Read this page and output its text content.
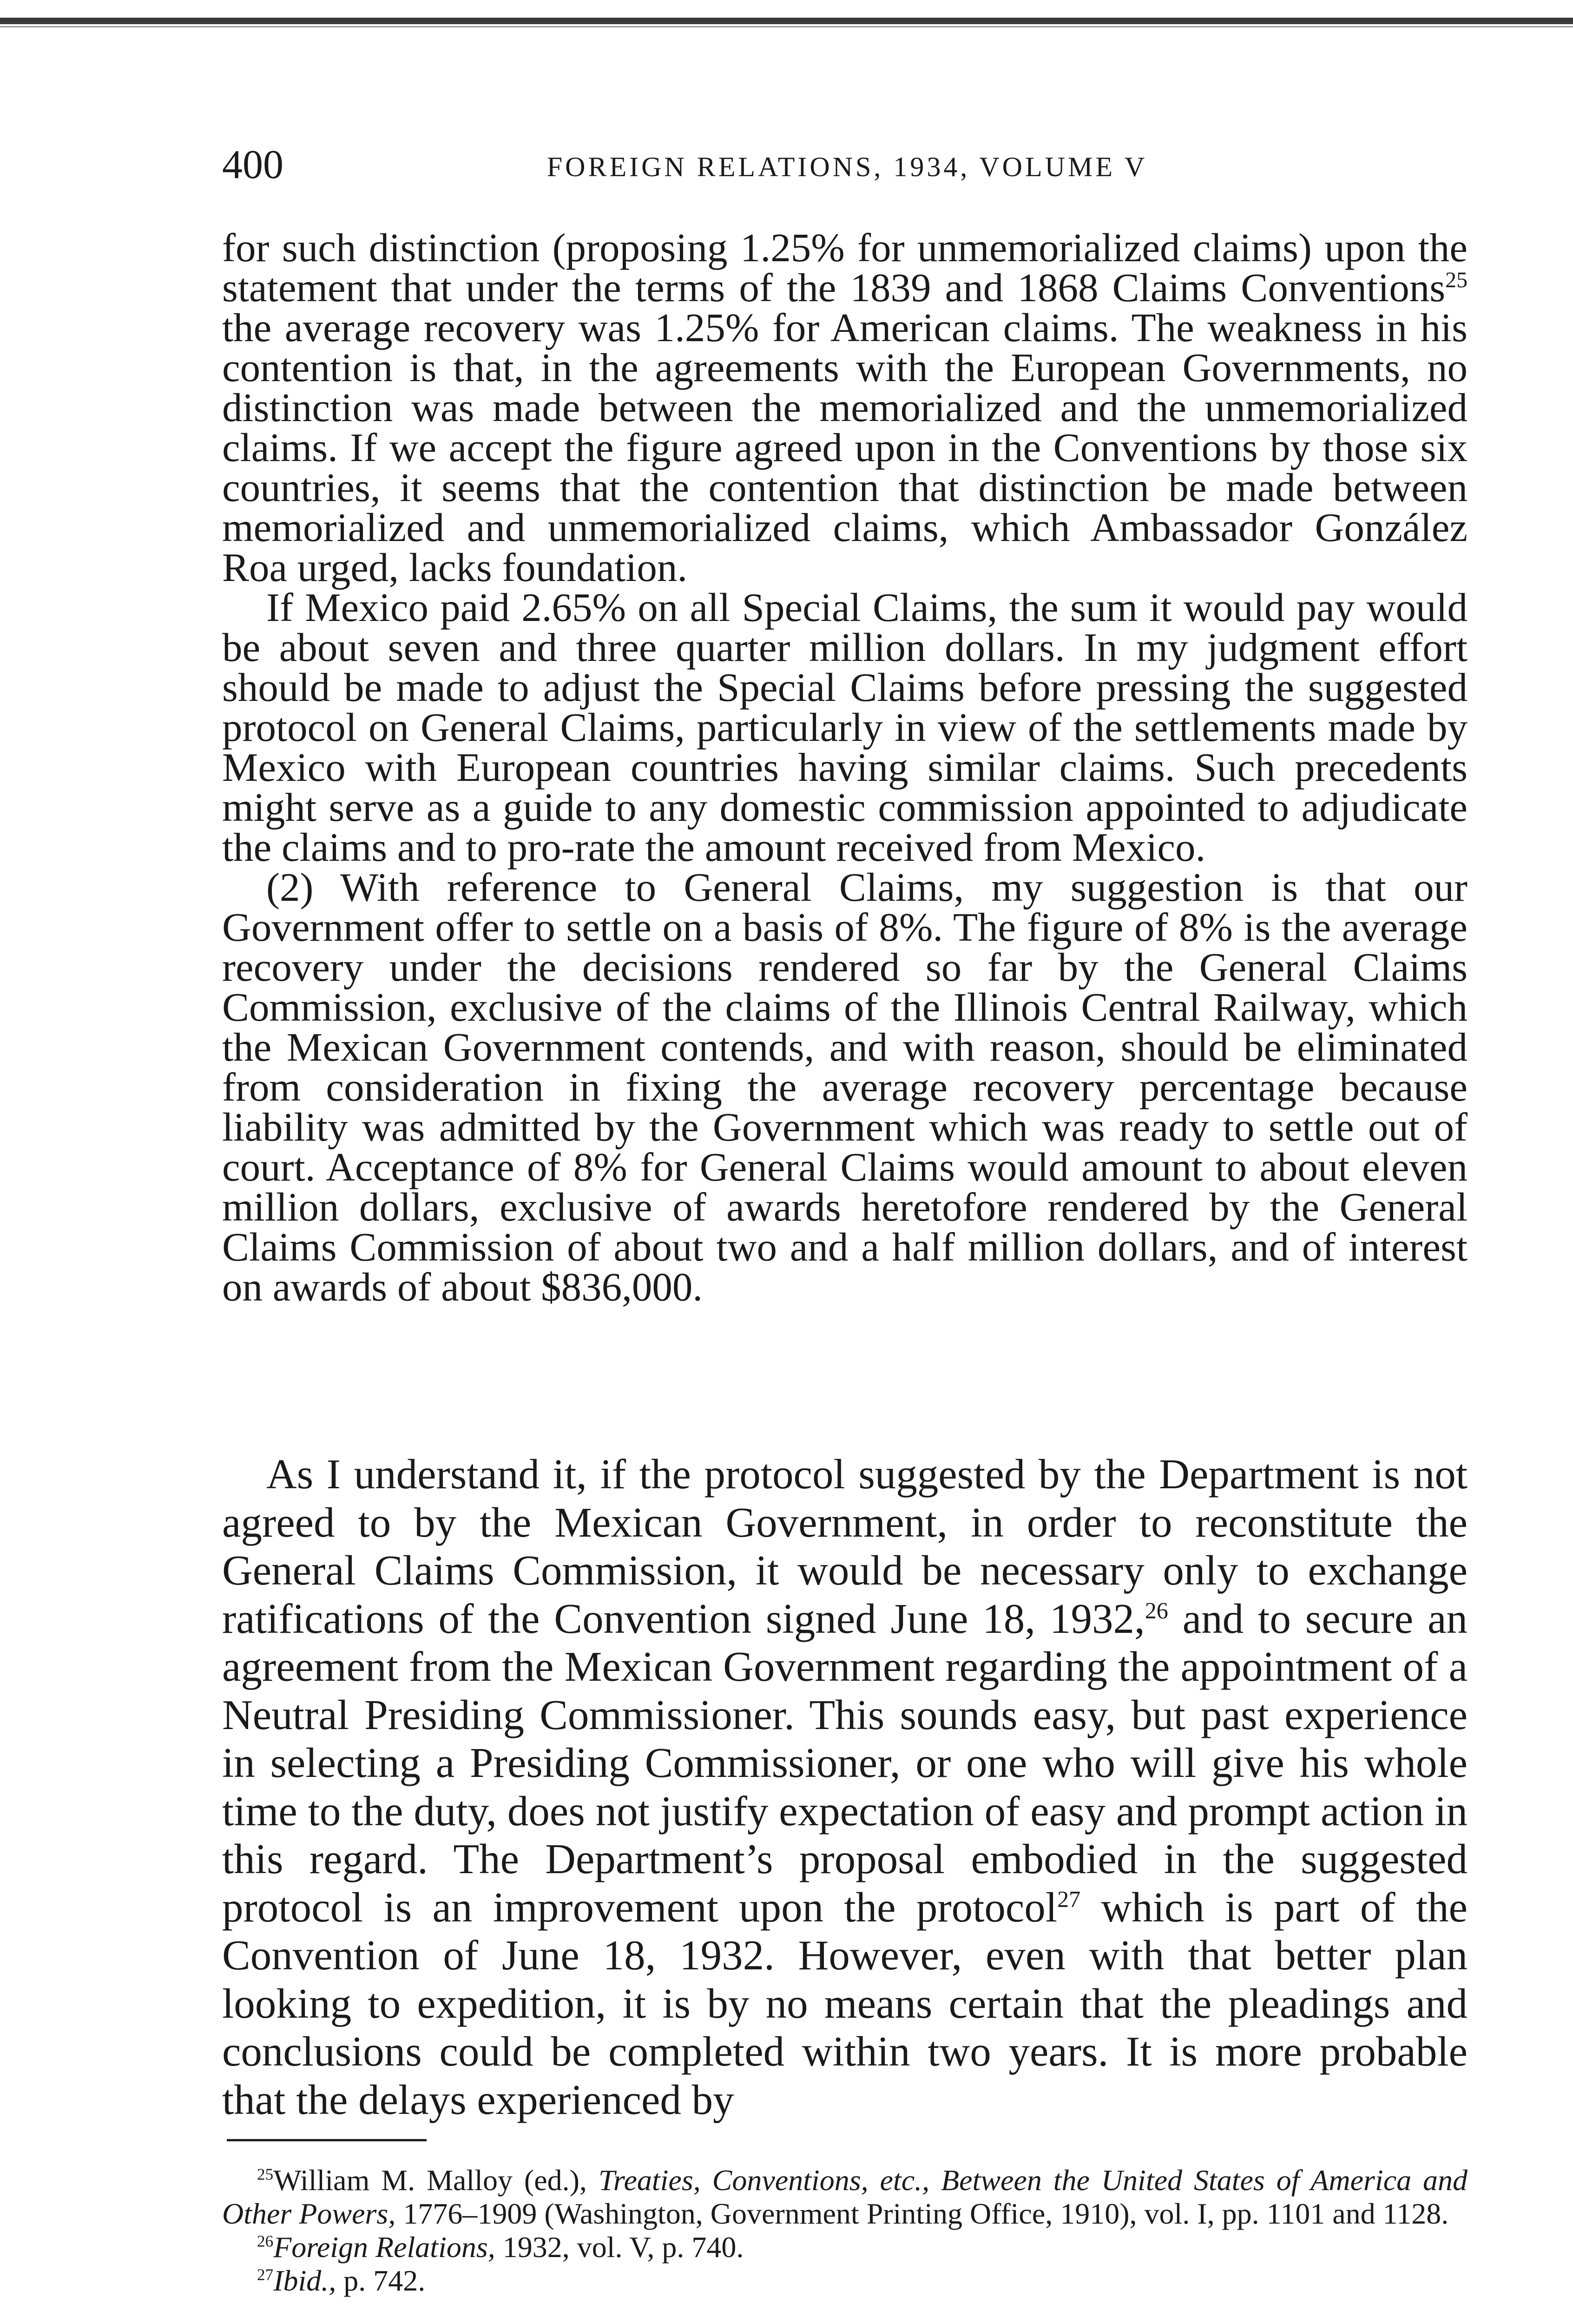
400	FOREIGN RELATIONS, 1934, VOLUME V

for such distinction (proposing 1.25% for unmemorialized claims) upon the statement that under the terms of the 1839 and 1868 Claims Conventions$^{25}$ the average recovery was 1.25% for American claims. The weakness in his contention is that, in the agreements with the European Governments, no distinction was made between the memorialized and the unmemorialized claims. If we accept the figure agreed upon in the Conventions by those six countries, it seems that the contention that distinction be made between memorialized and unmemorialized claims, which Ambassador González Roa urged, lacks foundation.

If Mexico paid 2.65% on all Special Claims, the sum it would pay would be about seven and three quarter million dollars. In my judgment effort should be made to adjust the Special Claims before pressing the suggested protocol on General Claims, particularly in view of the settlements made by Mexico with European countries having similar claims. Such precedents might serve as a guide to any domestic commission appointed to adjudicate the claims and to pro-rate the amount received from Mexico.

(2) With reference to General Claims, my suggestion is that our Government offer to settle on a basis of 8%. The figure of 8% is the average recovery under the decisions rendered so far by the General Claims Commission, exclusive of the claims of the Illinois Central Railway, which the Mexican Government contends, and with reason, should be eliminated from consideration in fixing the average recovery percentage because liability was admitted by the Government which was ready to settle out of court. Acceptance of 8% for General Claims would amount to about eleven million dollars, exclusive of awards heretofore rendered by the General Claims Commission of about two and a half million dollars, and of interest on awards of about $836,000.

As I understand it, if the protocol suggested by the Department is not agreed to by the Mexican Government, in order to reconstitute the General Claims Commission, it would be necessary only to exchange ratifications of the Convention signed June 18, 1932,26 and to secure an agreement from the Mexican Government regarding the appointment of a Neutral Presiding Commissioner. This sounds easy, but past experience in selecting a Presiding Commissioner, or one who will give his whole time to the duty, does not justify expectation of easy and prompt action in this regard. The Department’s proposal embodied in the suggested protocol is an improvement upon the protocol$^{27}$ which is part of the Convention of June 18, 1932. However, even with that better plan looking to expedition, it is by no means certain that the pleadings and conclusions could be completed within two years. It is more probable that the delays experienced by

$^{25}$William M. Malloy (ed.), Treaties, Conventions, etc., Between the United States of America and Other Powers, 1776–1909 (Washington, Government Printing Office, 1910), vol. I, pp. 1101 and 1128.

$^{26}$Foreign Relations, 1932, vol. V, p. 740.

$^{27}$Ibid., p. 742.
